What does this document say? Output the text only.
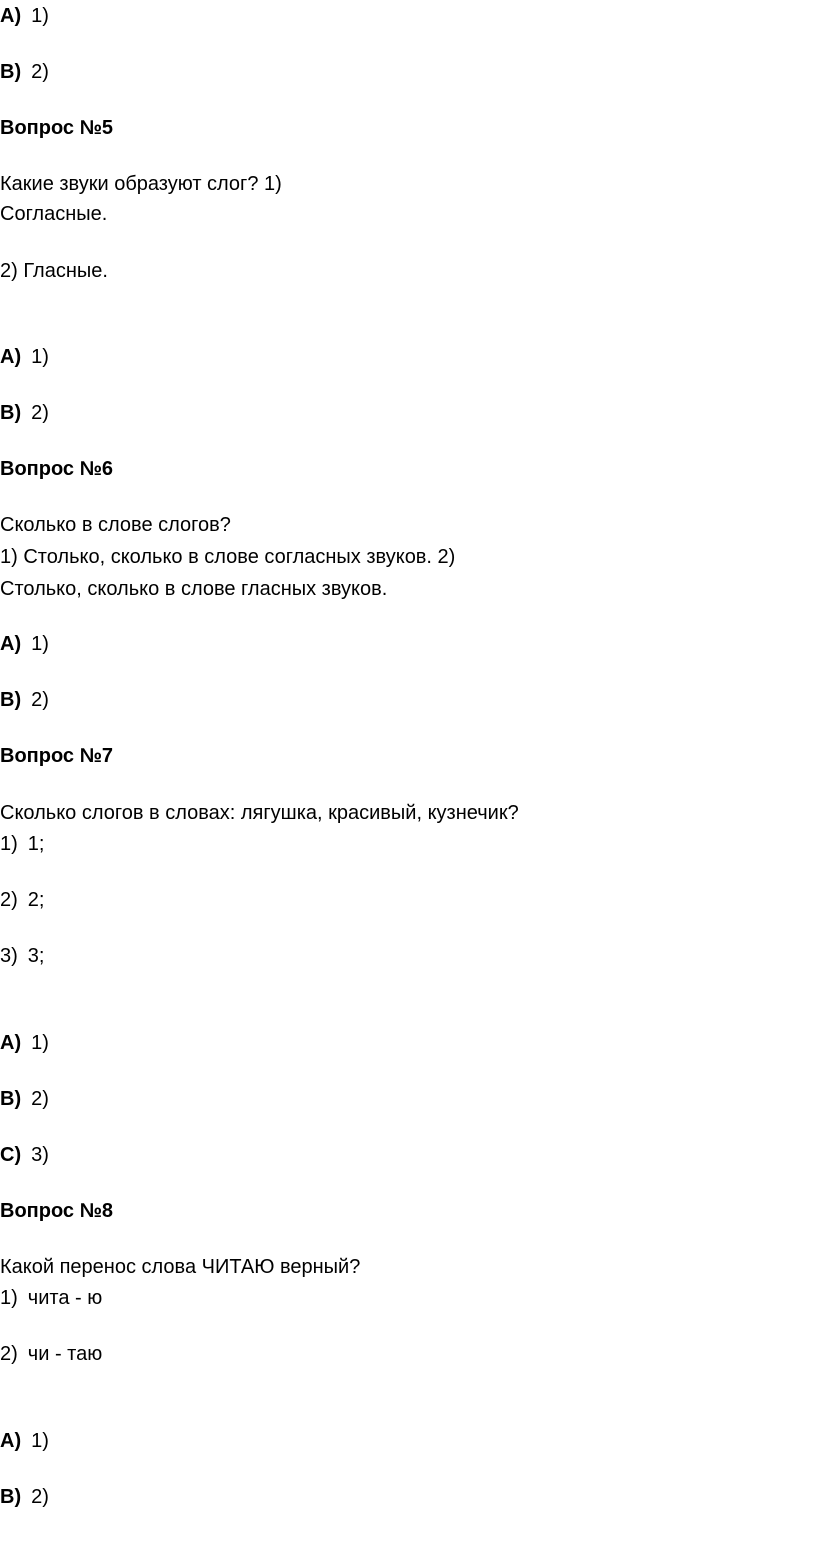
A) 1)
B) 2)
Вопрос №5
Какие звуки образуют слог? 1)
Согласные.
2) Гласные.
A) 1)
B) 2)
Вопрос №6
Сколько в слове слогов?
1) Столько, сколько в слове согласных звуков. 2)
Столько, сколько в слове гласных звуков.
A) 1)
B) 2)
Вопрос №7
Сколько слогов в словах: лягушка, красивый, кузнечик?
1) 1;
2) 2;
3) 3;
A) 1)
B) 2)
C) 3)
Вопрос №8
Какой перенос слова ЧИТАЮ верный?
1) чита - ю
2) чи - таю
A) 1)
B) 2)
